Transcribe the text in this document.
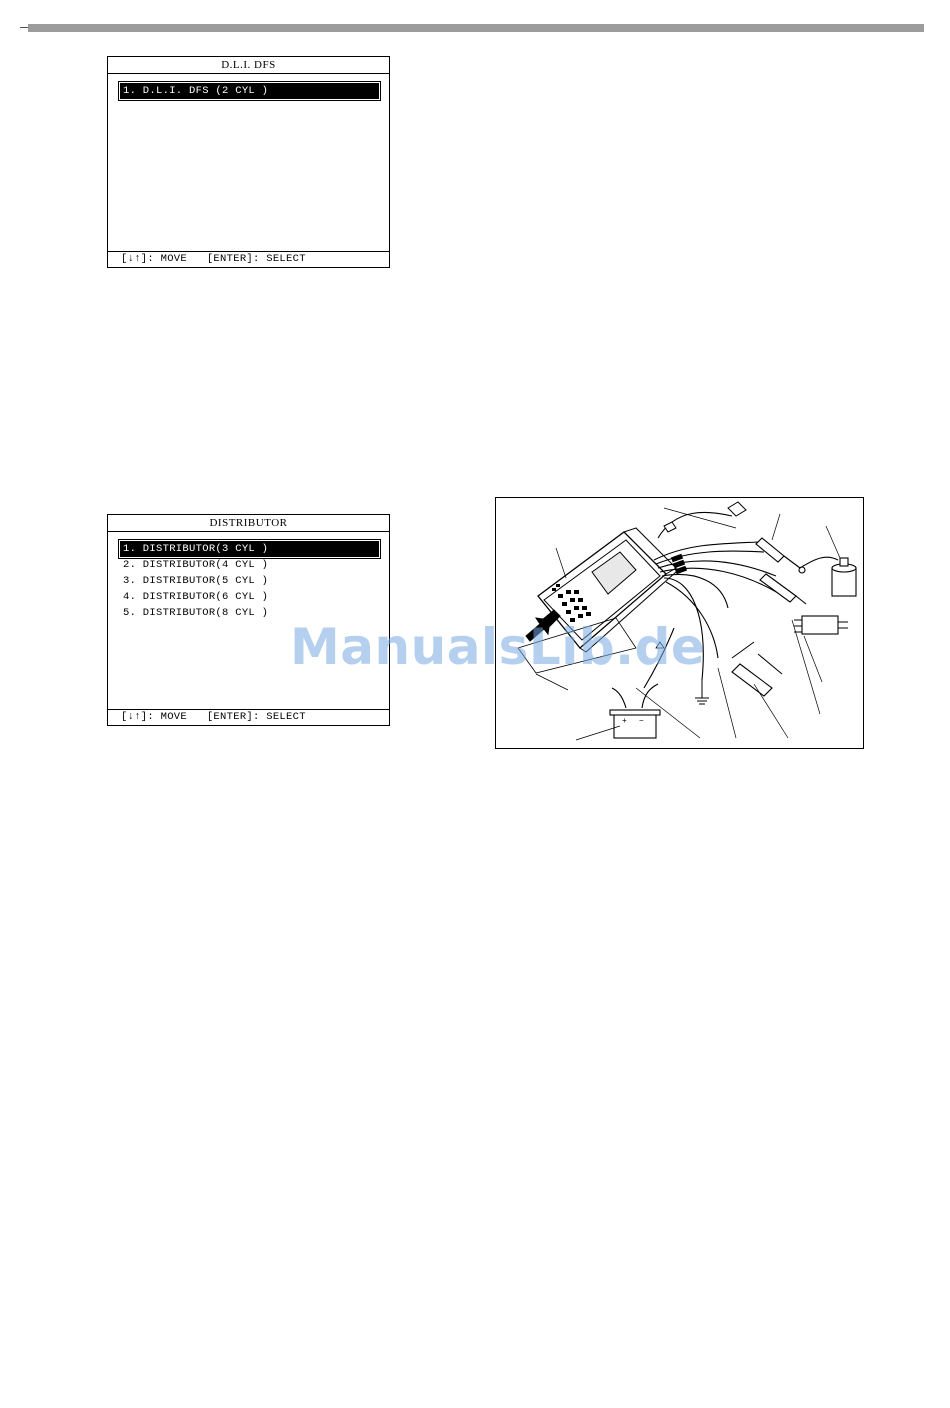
D.L.I. DFS
1. D.L.I. DFS (2 CYL )
[↓↑]: MOVE   [ENTER]: SELECT
DISTRIBUTOR
1. DISTRIBUTOR(3 CYL )
2. DISTRIBUTOR(4 CYL )
3. DISTRIBUTOR(5 CYL )
4. DISTRIBUTOR(6 CYL )
5. DISTRIBUTOR(8 CYL )
[↓↑]: MOVE   [ENTER]: SELECT	+ −
ManualsLib.de
